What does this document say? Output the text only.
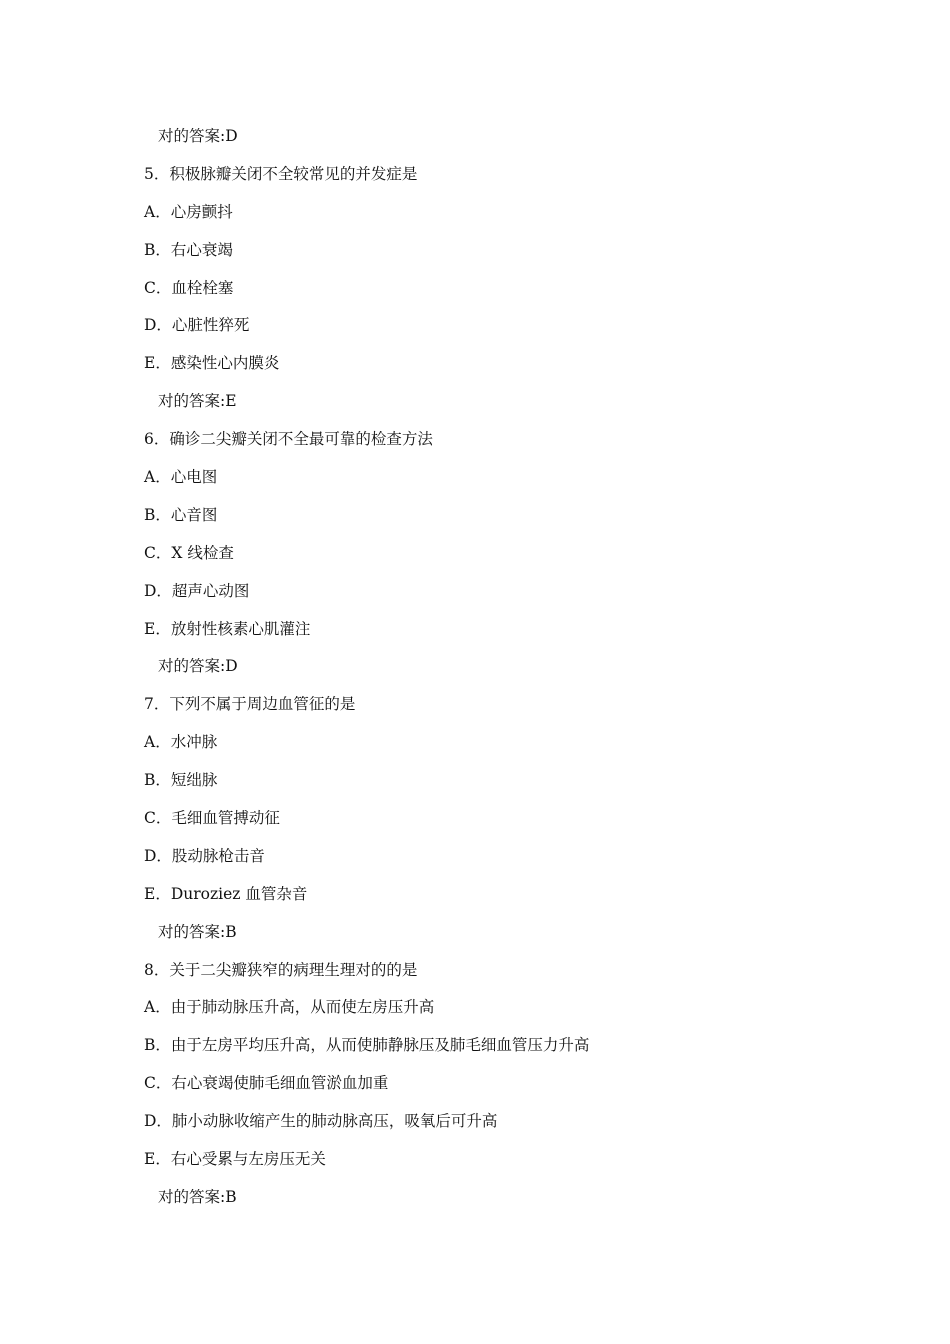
对的答案:D
5．积极脉瓣关闭不全较常见的并发症是
A．心房颤抖
B．右心衰竭
C．血栓栓塞
D．心脏性猝死
E．感染性心内膜炎
对的答案:E
6．确诊二尖瓣关闭不全最可靠的检查方法
A．心电图
B．心音图
C．X 线检查
D．超声心动图
E．放射性核素心肌灌注
对的答案:D
7．下列不属于周边血管征的是
A．水冲脉
B．短绌脉
C．毛细血管搏动征
D．股动脉枪击音
E．Duroziez 血管杂音
对的答案:B
8．关于二尖瓣狭窄的病理生理对的的是
A．由于肺动脉压升高，从而使左房压升高
B．由于左房平均压升高，从而使肺静脉压及肺毛细血管压力升高
C．右心衰竭使肺毛细血管淤血加重
D．肺小动脉收缩产生的肺动脉高压，吸氧后可升高
E．右心受累与左房压无关
对的答案:B
